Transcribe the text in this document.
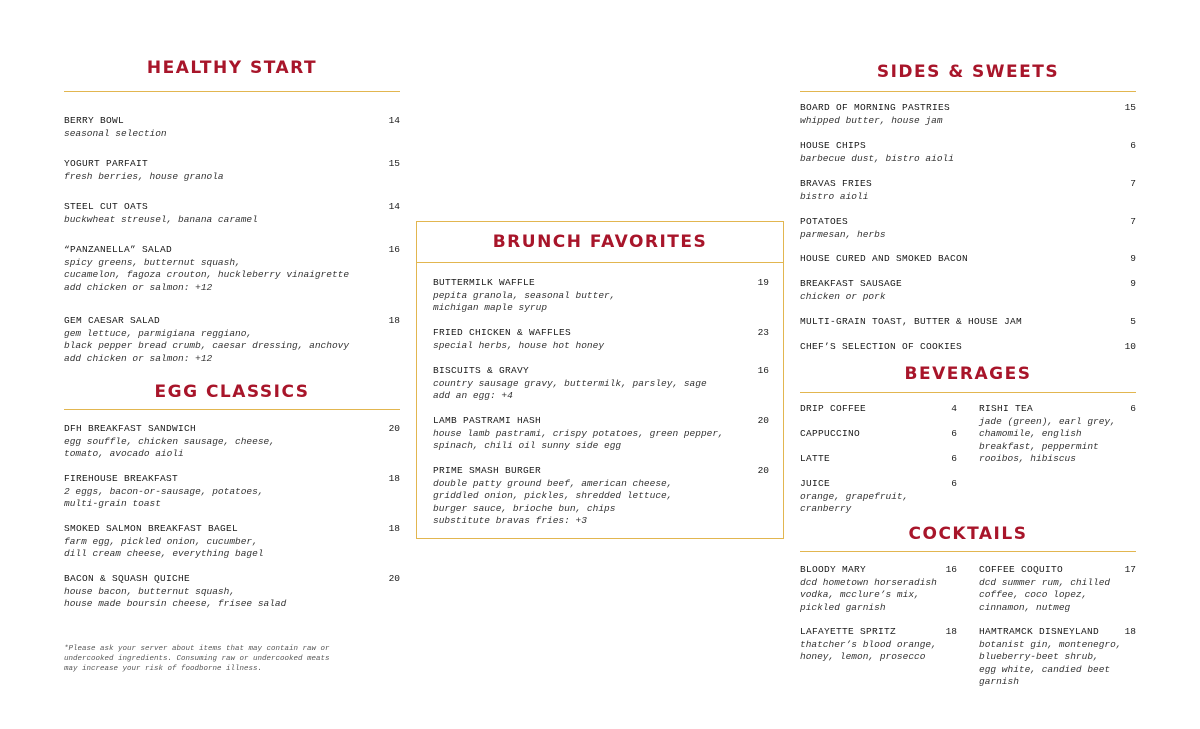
HEALTHY START
BERRY BOWL	14
seasonal selection
YOGURT PARFAIT	15
fresh berries, house granola
STEEL CUT OATS	14
buckwheat streusel, banana caramel
“PANZANELLA” SALAD	16
spicy greens, butternut squash,
cucamelon, fagoza crouton, huckleberry vinaigrette
add chicken or salmon: +12
GEM CAESAR SALAD	18
gem lettuce, parmigiana reggiano,
black pepper bread crumb, caesar dressing, anchovy
add chicken or salmon: +12
EGG CLASSICS
DFH BREAKFAST SANDWICH	20
egg souffle, chicken sausage, cheese,
tomato, avocado aioli
FIREHOUSE BREAKFAST	18
2 eggs, bacon-or-sausage, potatoes,
multi-grain toast
SMOKED SALMON BREAKFAST BAGEL	18
farm egg, pickled onion, cucumber,
dill cream cheese, everything bagel
BACON & SQUASH QUICHE	20
house bacon, butternut squash,
house made boursin cheese, frisee salad
*Please ask your server about items that may contain raw or
undercooked ingredients. Consuming raw or undercooked meats
may increase your risk of foodborne illness.
BRUNCH FAVORITES
BUTTERMILK WAFFLE	19
pepita granola, seasonal butter,
michigan maple syrup
FRIED CHICKEN & WAFFLES	23
special herbs, house hot honey
BISCUITS & GRAVY	16
country sausage gravy, buttermilk, parsley, sage
add an egg: +4
LAMB PASTRAMI HASH	20
house lamb pastrami, crispy potatoes, green pepper,
spinach, chili oil sunny side egg
PRIME SMASH BURGER	20
double patty ground beef, american cheese,
griddled onion, pickles, shredded lettuce,
burger sauce, brioche bun, chips
substitute bravas fries: +3
SIDES & SWEETS
BOARD OF MORNING PASTRIES	15
whipped butter, house jam
HOUSE CHIPS	6
barbecue dust, bistro aioli
BRAVAS FRIES	7
bistro aioli
POTATOES	7
parmesan, herbs
HOUSE CURED AND SMOKED BACON	9
BREAKFAST SAUSAGE	9
chicken or pork
MULTI-GRAIN TOAST, BUTTER & HOUSE JAM	5
CHEF’S SELECTION OF COOKIES	10
BEVERAGES
DRIP COFFEE	4
CAPPUCCINO	6
LATTE	6
JUICE	6
orange, grapefruit,
cranberry
RISHI TEA	6
jade (green), earl grey,
chamomile, english
breakfast, peppermint
rooibos, hibiscus
COCKTAILS
BLOODY MARY	16
dcd hometown horseradish
vodka, mcclure’s mix,
pickled garnish
LAFAYETTE SPRITZ	18
thatcher’s blood orange,
honey, lemon, prosecco
COFFEE COQUITO	17
dcd summer rum, chilled
coffee, coco lopez,
cinnamon, nutmeg
HAMTRAMCK DISNEYLAND	18
botanist gin, montenegro,
blueberry-beet shrub,
egg white, candied beet
garnish
